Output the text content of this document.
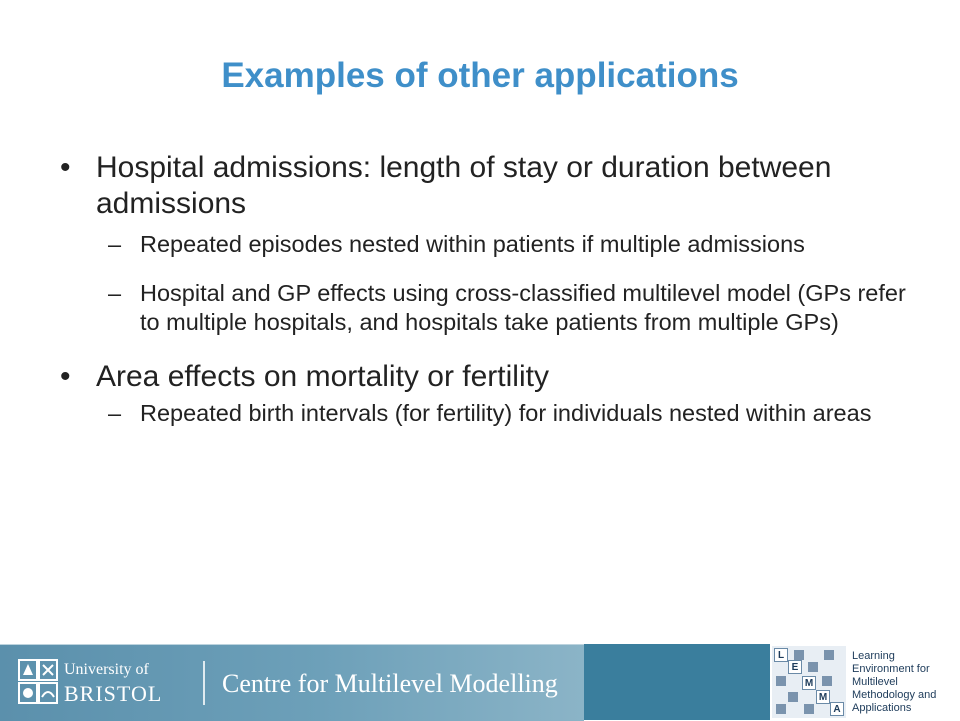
Examples of other applications
• Hospital admissions: length of stay or duration between admissions
– Repeated episodes nested within patients if multiple admissions
– Hospital and GP effects using cross-classified multilevel model (GPs refer to multiple hospitals, and hospitals take patients from multiple GPs)
• Area effects on mortality or fertility
– Repeated birth intervals (for fertility) for individuals nested within areas
University of
BRISTOL Centre for Multilevel Modelling
L
E
M
M
A
Learning
Environment for
Multilevel
Methodology and
Applications
